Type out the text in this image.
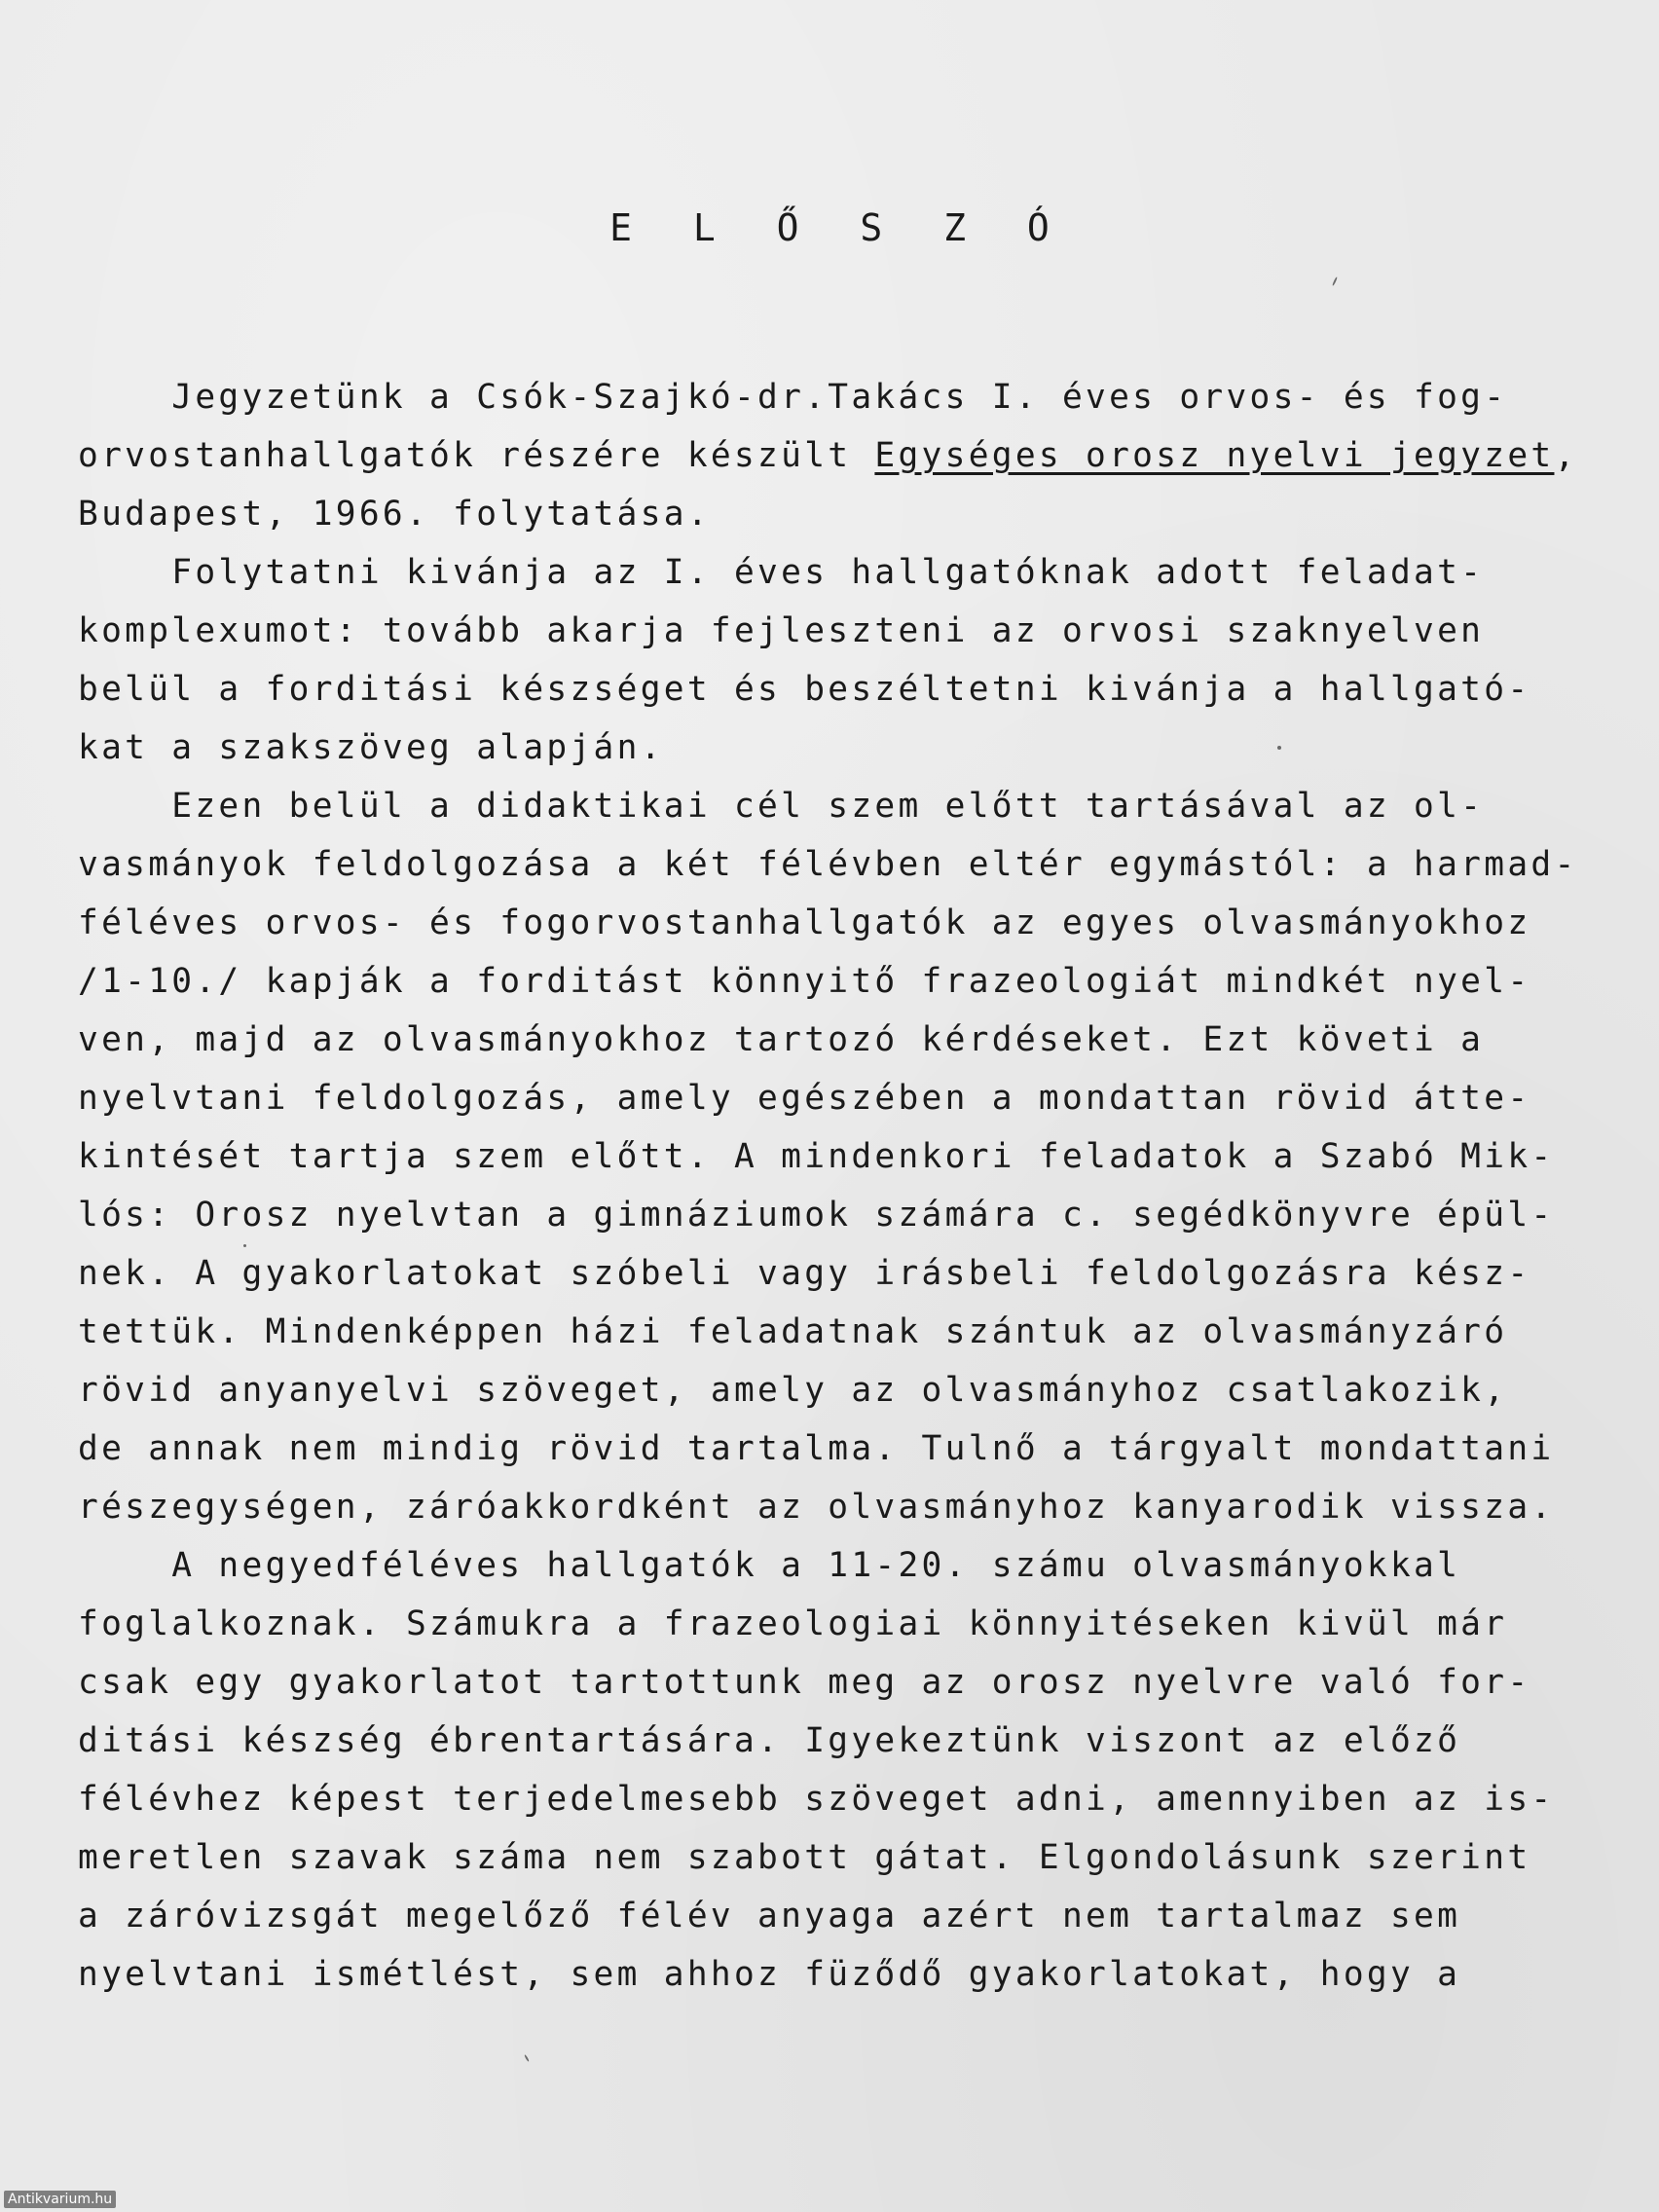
E L Ő S Z Ó
Jegyzetünk a Csók-Szajkó-dr.Takács I. éves orvos- és fog-
orvostanhallgatók részére készült Egységes orosz nyelvi jegyzet,
Budapest, 1966. folytatása.
Folytatni kivánja az I. éves hallgatóknak adott feladat-
komplexumot: tovább akarja fejleszteni az orvosi szaknyelven
belül a forditási készséget és beszéltetni kivánja a hallgató-
kat a szakszöveg alapján.
Ezen belül a didaktikai cél szem előtt tartásával az ol-
vasmányok feldolgozása a két félévben eltér egymástól: a harmad-
féléves orvos- és fogorvostanhallgatók az egyes olvasmányokhoz
/1-10./ kapják a forditást könnyitő frazeologiát mindkét nyel-
ven, majd az olvasmányokhoz tartozó kérdéseket. Ezt követi a
nyelvtani feldolgozás, amely egészében a mondattan rövid átte-
kintését tartja szem előtt. A mindenkori feladatok a Szabó Mik-
lós: Orosz nyelvtan a gimnáziumok számára c. segédkönyvre épül-
nek. A gyakorlatokat szóbeli vagy irásbeli feldolgozásra kész-
tettük. Mindenképpen házi feladatnak szántuk az olvasmányzáró
rövid anyanyelvi szöveget, amely az olvasmányhoz csatlakozik,
de annak nem mindig rövid tartalma. Tulnő a tárgyalt mondattani
részegységen, záróakkordként az olvasmányhoz kanyarodik vissza.
A negyedféléves hallgatók a 11-20. számu olvasmányokkal
foglalkoznak. Számukra a frazeologiai könnyitéseken kivül már
csak egy gyakorlatot tartottunk meg az orosz nyelvre való for-
ditási készség ébrentartására. Igyekeztünk viszont az előző
félévhez képest terjedelmesebb szöveget adni, amennyiben az is-
meretlen szavak száma nem szabott gátat. Elgondolásunk szerint
a záróvizsgát megelőző félév anyaga azért nem tartalmaz sem
nyelvtani ismétlést, sem ahhoz füződő gyakorlatokat, hogy a
Antikvarium.hu
